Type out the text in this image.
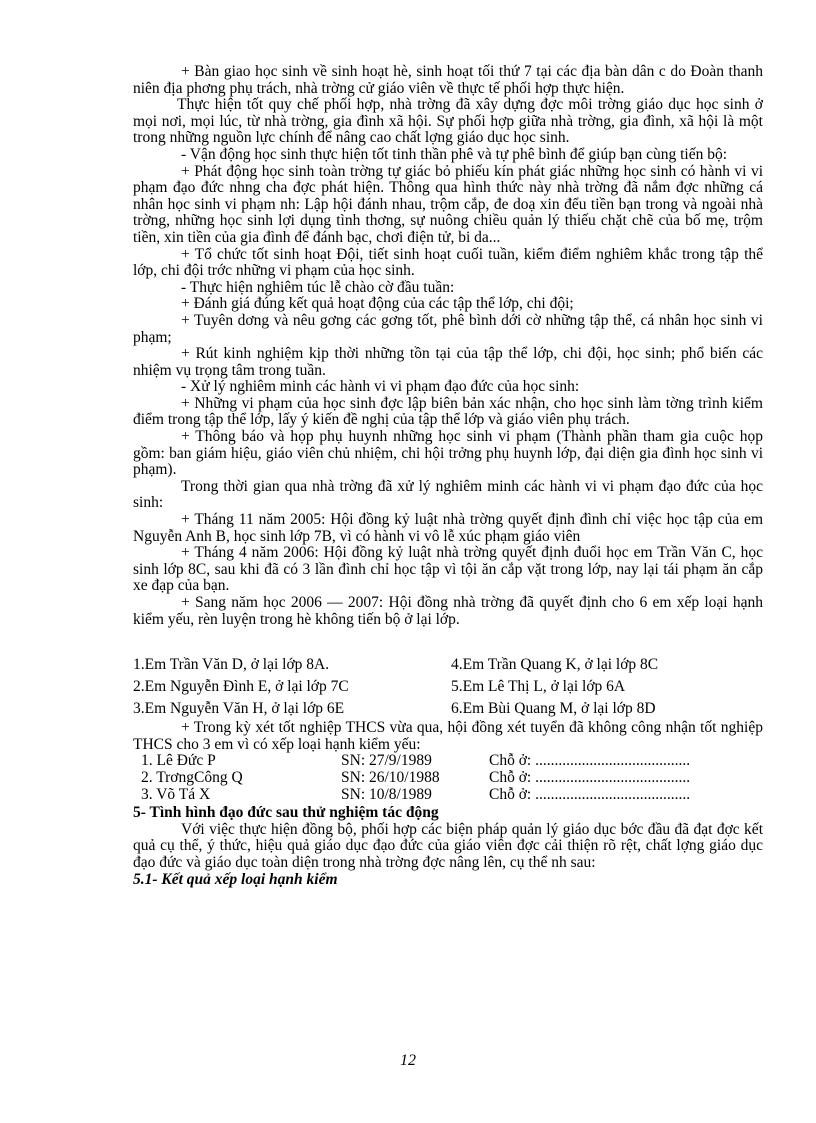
+ Bàn giao học sinh về sinh hoạt hè, sinh hoạt tối thứ 7 tại các địa bàn dân c do Đoàn thanh niên địa phơng phụ trách, nhà trờng cử giáo viên về thực tế phối hợp thực hiện.

Thực hiện tốt quy chế phối hợp, nhà trờng đã xây dựng đợc môi trờng giáo dục học sinh ở mọi nơi, mọi lúc, từ nhà trờng, gia đình xã hội. Sự phối hợp giữa nhà trờng, gia đình, xã hội là một trong những nguồn lực chính để nâng cao chất lợng giáo dục học sinh.

- Vận động học sinh thực hiện tốt tinh thần phê và tự phê bình để giúp bạn cùng tiến bộ:

+ Phát động học sinh toàn trờng tự giác bỏ phiếu kín phát giác những học sinh có hành vi vi phạm đạo đức nhng cha đợc phát hiện. Thông qua hình thức này nhà trờng đã nắm đợc những cá nhân học sinh vi phạm nh: Lập hội đánh nhau, trộm cắp, đe doạ xin đểu tiền bạn trong và ngoài nhà trờng, những học sinh lợi dụng tình thơng, sự nuông chiều quản lý thiếu chặt chẽ của bố mẹ, trộm tiền, xin tiền của gia đình để đánh bạc, chơi điện tử, bi da...

+ Tổ chức tốt sinh hoạt Đội, tiết sinh hoạt cuối tuần, kiểm điểm nghiêm khắc trong tập thể lớp, chi đội trớc những vi phạm của học sinh.

- Thực hiện nghiêm túc lễ chào cờ đầu tuần:

+ Đánh giá đúng kết quả hoạt động của các tập thể lớp, chi đội;

+ Tuyên dơng và nêu gơng các gơng tốt, phê bình dới cờ những tập thể, cá nhân học sinh vi phạm;

+ Rút kinh nghiệm kịp thời những tồn tại của tập thể lớp, chi đội, học sinh; phổ biến các nhiệm vụ trọng tâm trong tuần.

- Xử lý nghiêm minh các hành vi vi phạm đạo đức của học sinh:

+ Những vi phạm của học sinh đợc lập biên bản xác nhận, cho học sinh làm tờng trình kiểm điểm trong tập thể lớp, lấy ý kiến đề nghị của tập thể lớp và giáo viên phụ trách.

+ Thông báo và họp phụ huynh những học sinh vi phạm (Thành phần tham gia cuộc họp gồm: ban giám hiệu, giáo viên chủ nhiệm, chi hội trởng phụ huynh lớp, đại diện gia đình học sinh vi phạm).

Trong thời gian qua nhà trờng đã xử lý nghiêm minh các hành vi vi phạm đạo đức của học sinh:

+ Tháng 11 năm 2005: Hội đồng kỷ luật nhà trờng quyết định đình chỉ việc học tập của em Nguyễn Anh B, học sinh lớp 7B, vì có hành vi vô lễ xúc phạm giáo viên

+ Tháng 4 năm 2006: Hội đồng kỷ luật nhà trờng quyết định đuổi học em Trần Văn C, học sinh lớp 8C, sau khi đã có 3 lần đình chỉ học tập vì tội ăn cắp vặt trong lớp, nay lại tái phạm ăn cắp xe đạp của bạn.

+ Sang năm học 2006 — 2007: Hội đồng nhà trờng đã quyết định cho 6 em xếp loại hạnh kiểm yếu, rèn luyện trong hè không tiến bộ ở lại lớp.

1.Em Trần Văn D, ở lại lớp 8A.	4.Em Trần Quang K, ở lại lớp 8C
2.Em Nguyễn Đình E, ở lại lớp 7C	5.Em Lê Thị L, ở lại lớp 6A
3.Em Nguyễn Văn H, ở lại lớp 6E	6.Em Bùi Quang M, ở lại lớp 8D

+ Trong kỳ xét tốt nghiệp THCS vừa qua, hội đồng xét tuyển đã không công nhận tốt nghiệp THCS cho 3 em vì có xếp loại hạnh kiểm yếu:

1. Lê Đức P	SN: 27/9/1989	Chỗ ở: ........................................
2. TrơngCông Q	SN: 26/10/1988	Chỗ ở: ........................................
3. Võ Tá X	SN: 10/8/1989	Chỗ ở: ........................................
5- Tình hình đạo đức sau thử nghiệm tác động

Với việc thực hiện đồng bộ, phối hợp các biện pháp quản lý giáo dục bớc đầu đã đạt đợc kết quả cụ thể, ý thức, hiệu quả giáo dục đạo đức của giáo viên đợc cải thiện rõ rệt, chất lợng giáo dục đạo đức và giáo dục toàn diện trong nhà trờng đợc nâng lên, cụ thể nh sau:

5.1- Kết quả xếp loại hạnh kiểm
12
